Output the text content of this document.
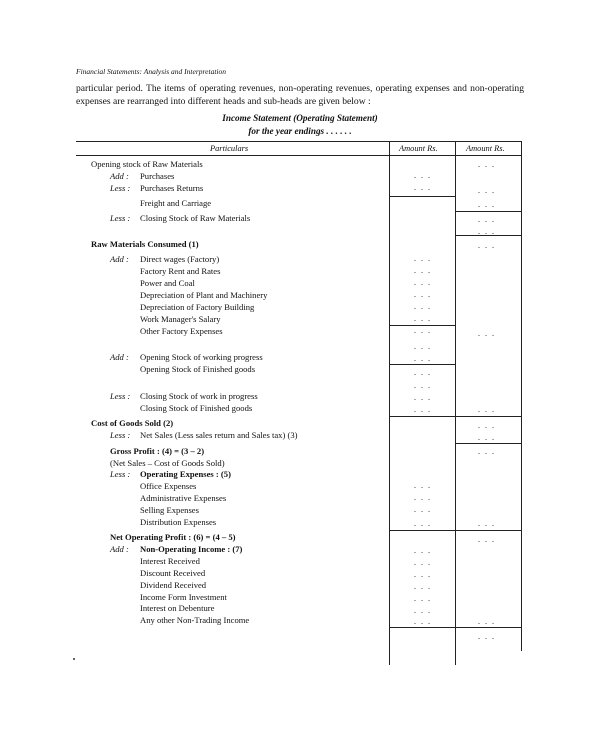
Financial Statements: Analysis and Interpretation
particular period. The items of operating revenues, non-operating revenues, operating expenses and non-operating expenses are rearranged into different heads and sub-heads are given below :
Income Statement (Operating Statement)
for the year endings . . . . . .
Particulars	Amount Rs.	Amount Rs.
Opening stock of Raw Materials
Add : Purchases
Less : Purchases Returns
Freight and Carriage
Less : Closing Stock of Raw Materials
Raw Materials Consumed (1)
Add : Direct wages (Factory)
Factory Rent and Rates
Power and Coal
Depreciation of Plant and Machinery
Depreciation of Factory Building
Work Manager's Salary
Other Factory Expenses
Add : Opening Stock of working progress
Opening Stock of Finished goods
Less : Closing Stock of work in progress
Closing Stock of Finished goods
Cost of Goods Sold (2)
Less : Net Sales (Less sales return and Sales tax) (3)
Gross Profit : (4) = (3 – 2)
(Net Sales – Cost of Goods Sold)
Less : Operating Expenses : (5)
Office Expenses
Administrative Expenses
Selling Expenses
Distribution Expenses
Net Operating Profit : (6) = (4 – 5)
Add : Non-Operating Income : (7)
Interest Received
Discount Received
Dividend Received
Income Form Investment
Interest on Debenture
Any other Non-Trading Income
. . .
. . .
. . .
. . .
. . .
. . .
. . .
. . .
. . .
. . .
. . .
. . .
. . .
. . .
. . .
. . .
. . .
. . .
. . .
. . .
. . .
. . .
. . .
. . .
. . .
. . .
. . .
. . .
. . .
. . .
. . .
. . .
. . .
. . .
. . .
. . .
. . .
. . .
. . .
. . .
. . .
